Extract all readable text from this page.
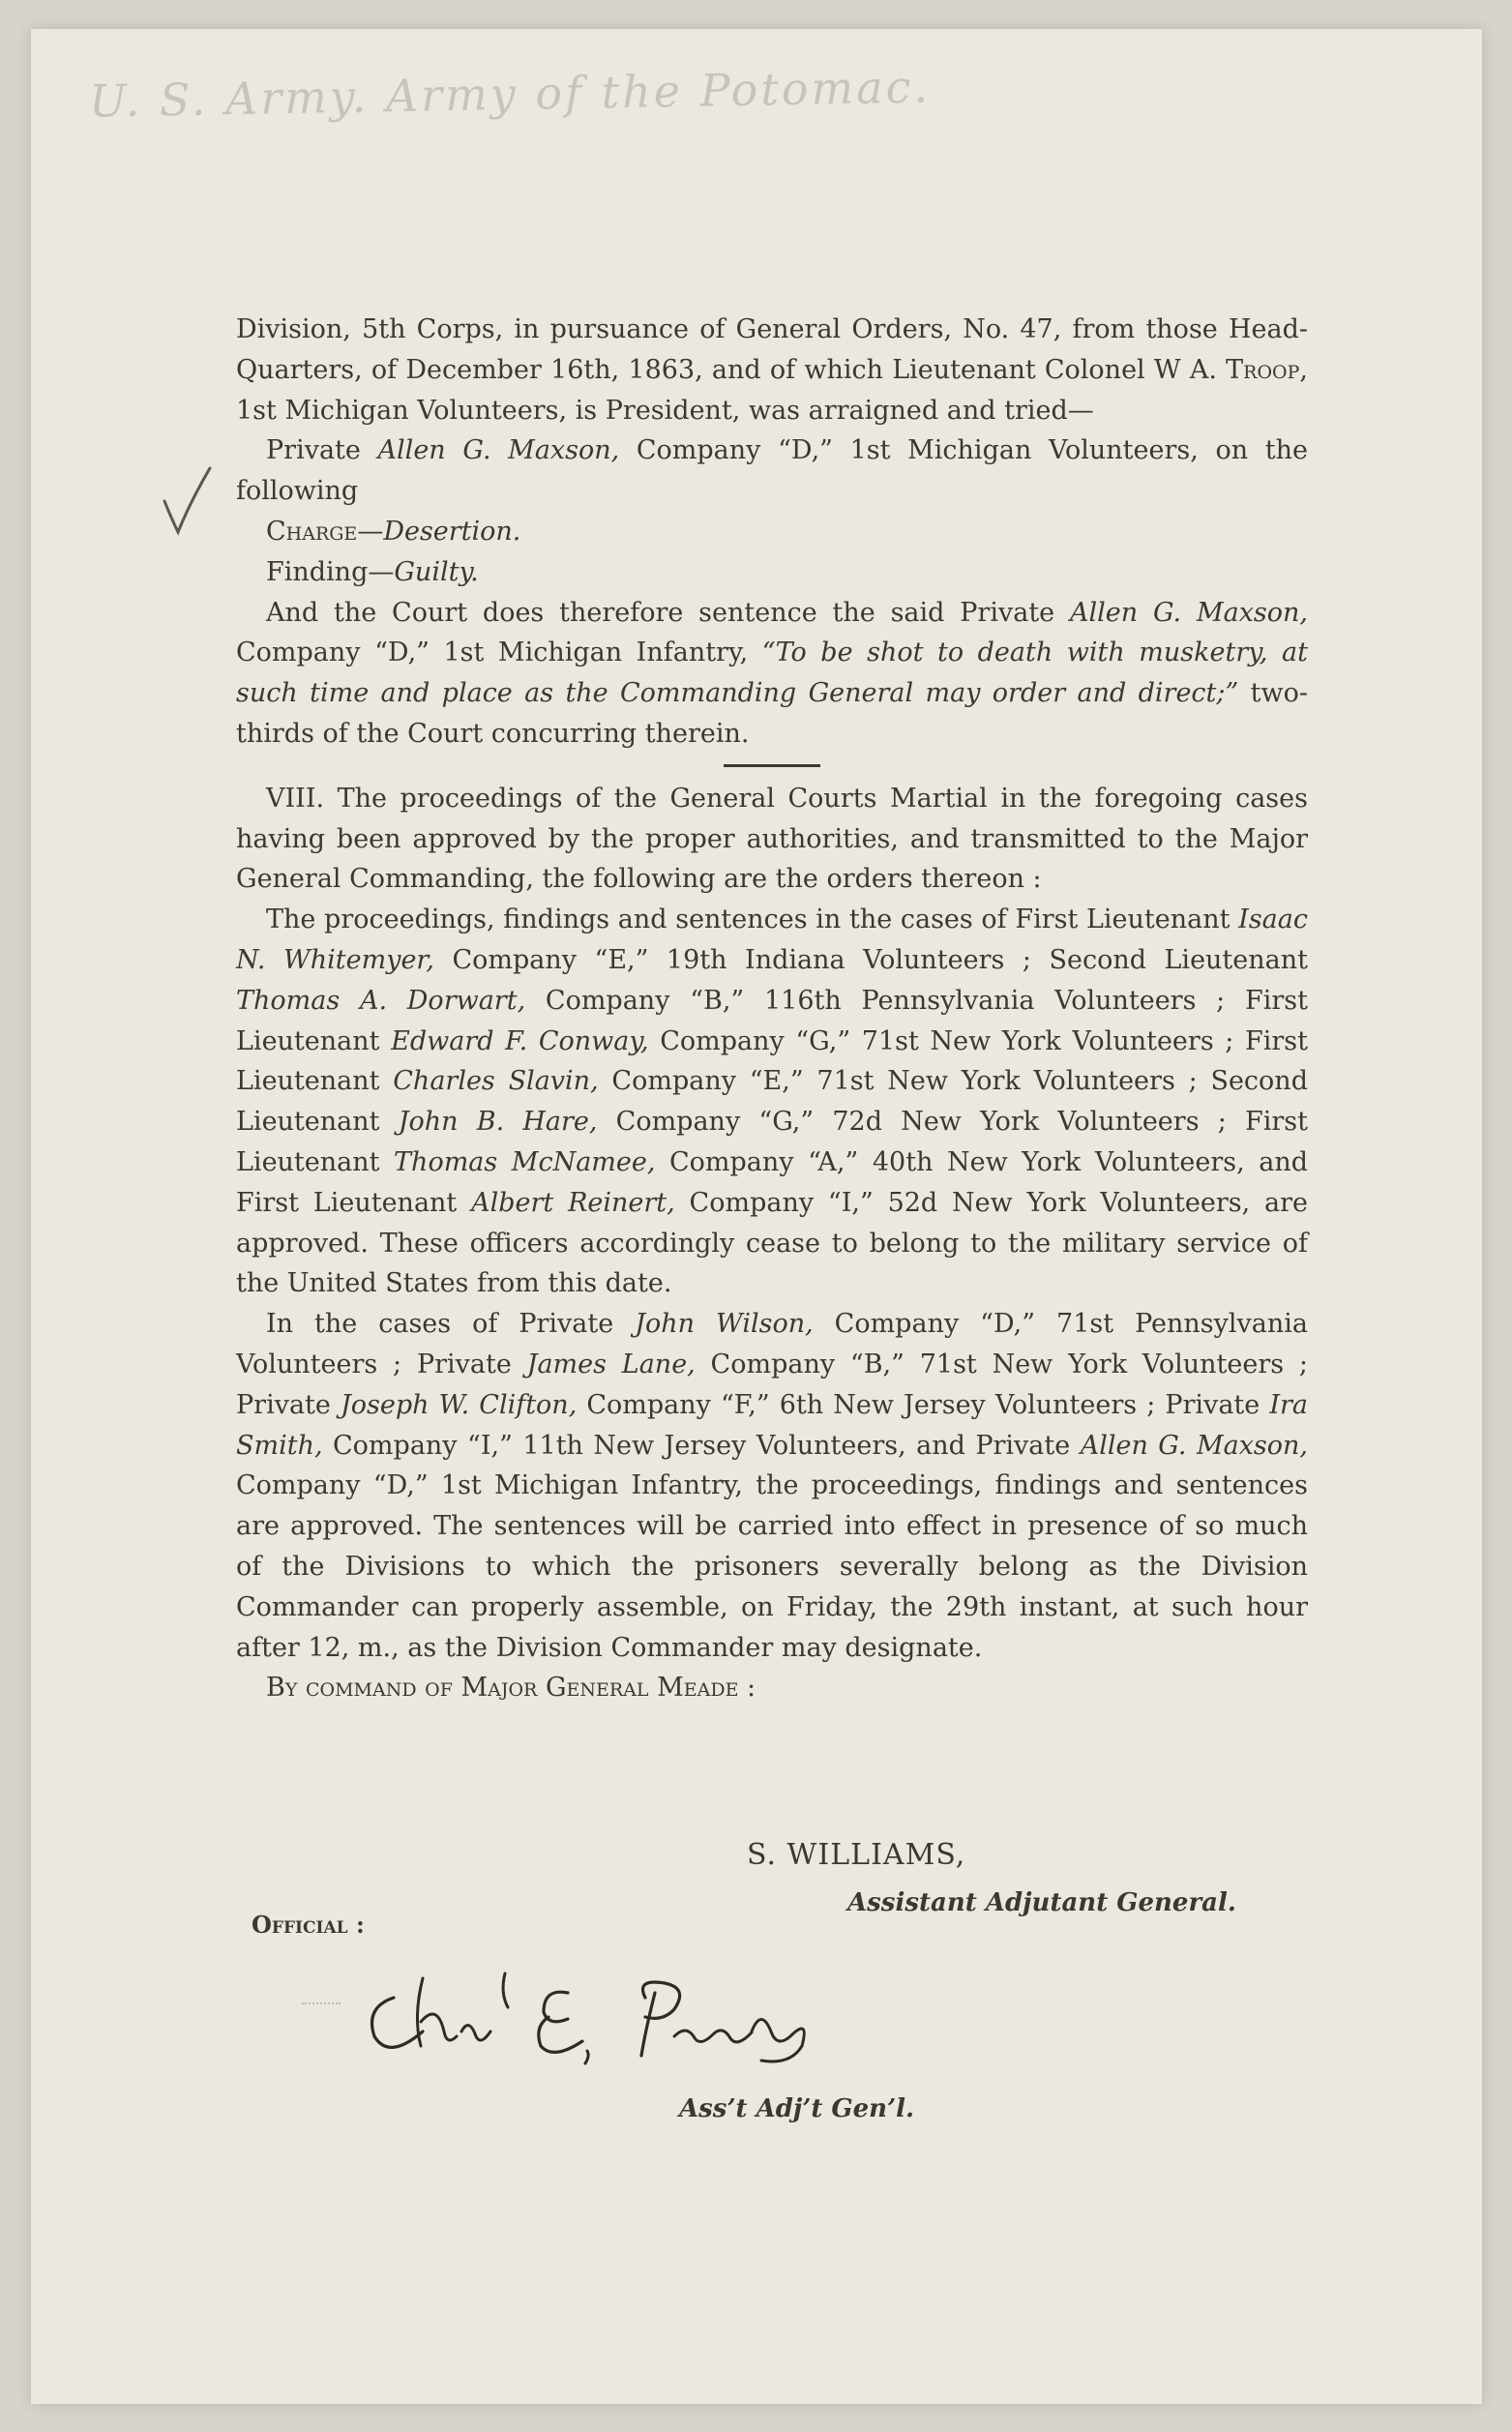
U. S. Army. Army of the Potomac.

Division, 5th Corps, in pursuance of General Orders, No. 47, from those Head-Quarters, of December 16th, 1863, and of which Lieutenant Colonel W A. Troop, 1st Michigan Volunteers, is President, was arraigned and tried—

Private Allen G. Maxson, Company “D,” 1st Michigan Volunteers, on the following

Charge—Desertion.

Finding—Guilty.

And the Court does therefore sentence the said Private Allen G. Maxson, Company “D,” 1st Michigan Infantry, “To be shot to death with musketry, at such time and place as the Commanding General may order and direct;” two-thirds of the Court concurring therein.

VIII. The proceedings of the General Courts Martial in the foregoing cases having been approved by the proper authorities, and transmitted to the Major General Commanding, the following are the orders thereon :

The proceedings, findings and sentences in the cases of First Lieutenant Isaac N. Whitemyer, Company “E,” 19th Indiana Volunteers ; Second Lieutenant Thomas A. Dorwart, Company “B,” 116th Pennsylvania Volunteers ; First Lieutenant Edward F. Conway, Company “G,” 71st New York Volunteers ; First Lieutenant Charles Slavin, Company “E,” 71st New York Volunteers ; Second Lieutenant John B. Hare, Company “G,” 72d New York Volunteers ; First Lieutenant Thomas McNamee, Company “A,” 40th New York Volunteers, and First Lieutenant Albert Reinert, Company “I,” 52d New York Volunteers, are approved. These officers accordingly cease to belong to the military service of the United States from this date.

In the cases of Private John Wilson, Company “D,” 71st Pennsylvania Volunteers ; Private James Lane, Company “B,” 71st New York Volunteers ; Private Joseph W. Clifton, Company “F,” 6th New Jersey Volunteers ; Private Ira Smith, Company “I,” 11th New Jersey Volunteers, and Private Allen G. Maxson, Company “D,” 1st Michigan Infantry, the proceedings, findings and sentences are approved. The sentences will be carried into effect in presence of so much of the Divisions to which the prisoners severally belong as the Division Commander can properly assemble, on Friday, the 29th instant, at such hour after 12, m., as the Division Commander may designate.

By command of Major General Meade :

S. WILLIAMS,
Assistant Adjutant General.
Official :
Ass’t Adj’t Gen’l.
